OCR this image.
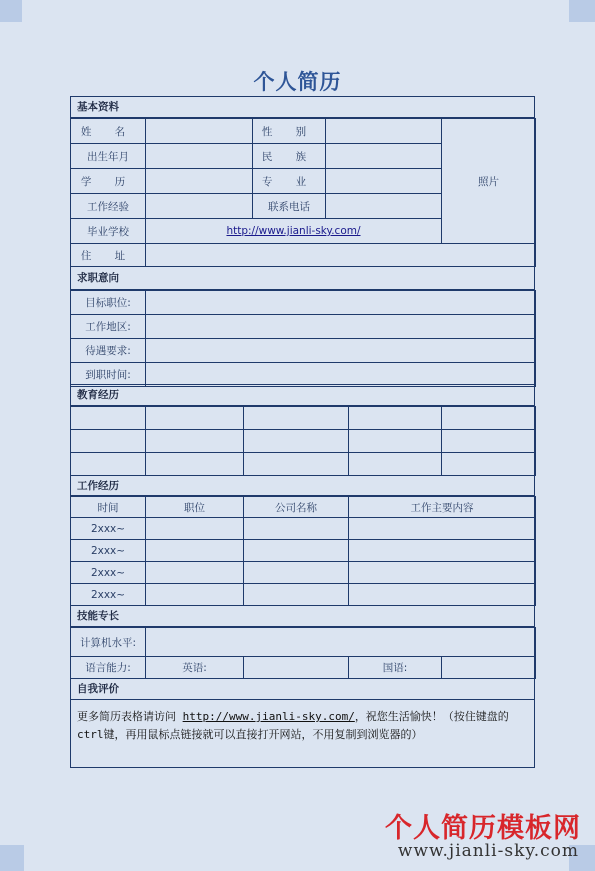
个人简历
基本资料
姓 名		性 别		照片
出生年月		民 族		
学 历		专 业		
工作经验		联系电话		
毕业学校	http://www.jianli-sky.com/			
住 址				
求职意向
目标职位:	
工作地区:	
待遇要求:	
到职时间:	
教育经历

工作经历
时间	职位	公司名称	工作主要内容
2xxx~			
2xxx~			
2xxx~			
2xxx~			
技能专长
计算机水平:				
语言能力:	英语:		国语:	
自我评价
更多简历表格请访问 http://www.jianli-sky.com/，祝您生活愉快！（按住键盘的ctrl键，再用鼠标点链接就可以直接打开网站，不用复制到浏览器的）
个人简历模板网
www.jianli-sky.com
